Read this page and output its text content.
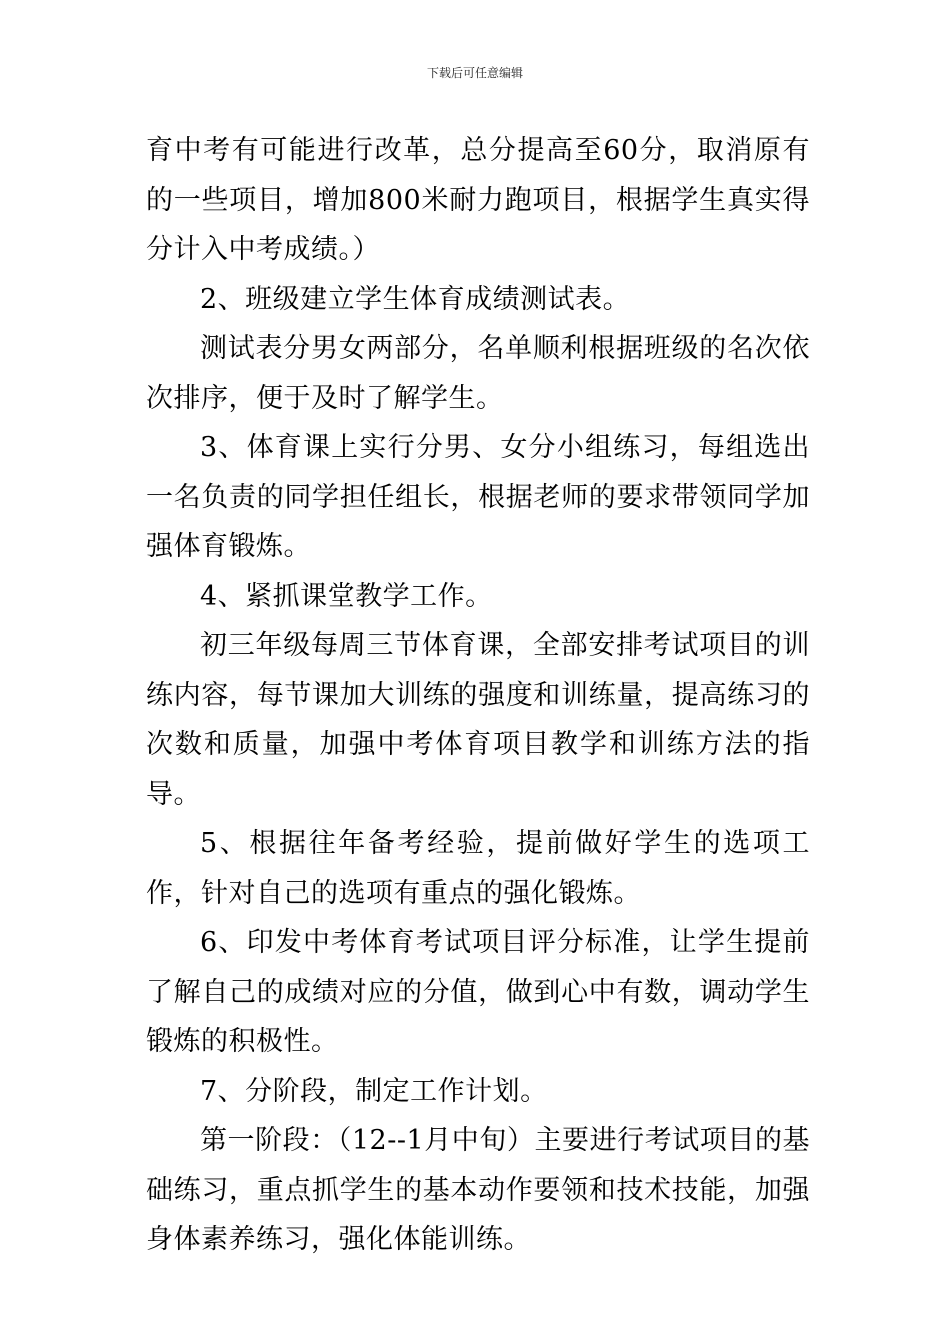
下载后可任意编辑

育中考有可能进行改革，总分提高至60分，取消原有的一些项目，增加800米耐力跑项目，根据学生真实得分计入中考成绩。）

2、班级建立学生体育成绩测试表。

测试表分男女两部分，名单顺利根据班级的名次依次排序，便于及时了解学生。

3、体育课上实行分男、女分小组练习，每组选出一名负责的同学担任组长，根据老师的要求带领同学加强体育锻炼。

4、紧抓课堂教学工作。

初三年级每周三节体育课，全部安排考试项目的训练内容，每节课加大训练的强度和训练量，提高练习的次数和质量，加强中考体育项目教学和训练方法的指导。

5、根据往年备考经验，提前做好学生的选项工作，针对自己的选项有重点的强化锻炼。

6、印发中考体育考试项目评分标准，让学生提前了解自己的成绩对应的分值，做到心中有数，调动学生锻炼的积极性。

7、分阶段，制定工作计划。

第一阶段：（12--1月中旬）主要进行考试项目的基础练习，重点抓学生的基本动作要领和技术技能，加强身体素养练习，强化体能训练。
